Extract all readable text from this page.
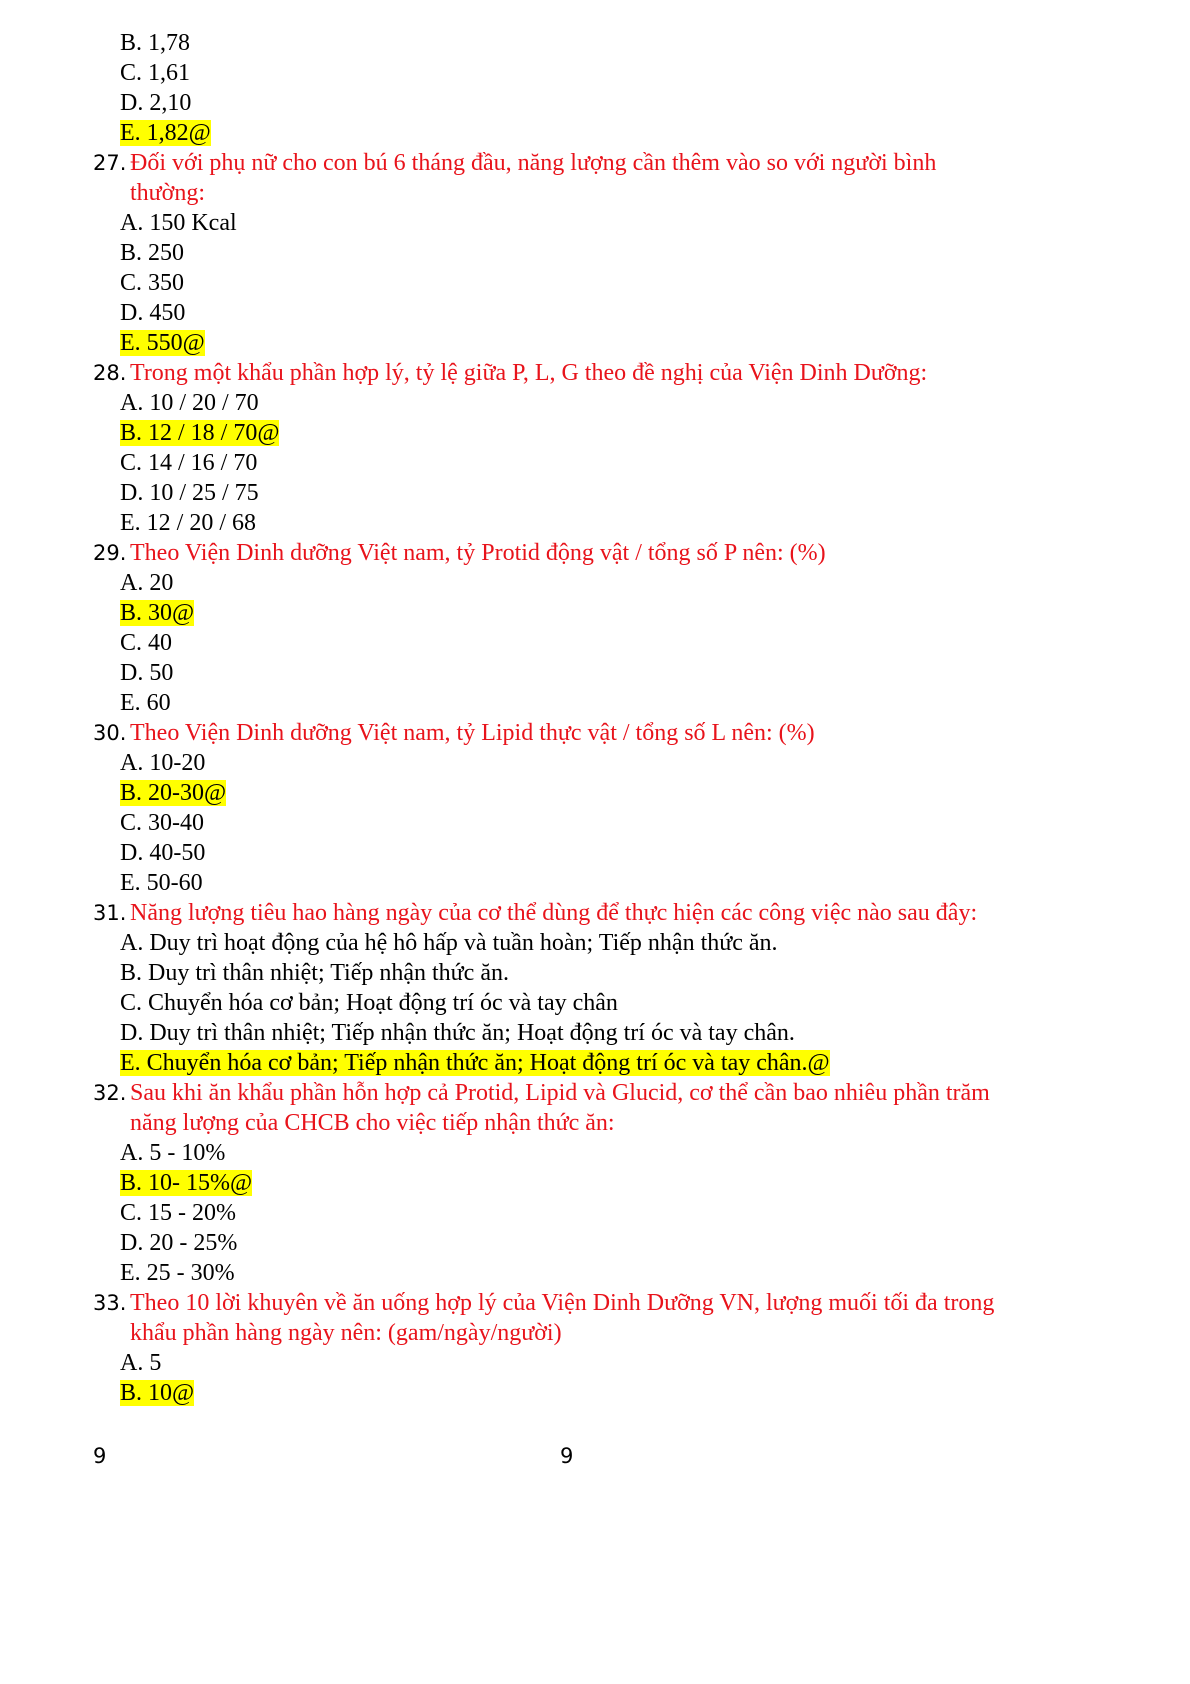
B. 1,78
C. 1,61
D. 2,10
E. 1,82@
27. Đối với phụ nữ cho con bú 6 tháng đầu, năng lượng cần thêm vào so với người bình thường:
A. 150 Kcal
B. 250
C. 350
D. 450
E. 550@
28. Trong một khẩu phần hợp lý, tỷ lệ giữa P, L, G theo đề nghị của Viện Dinh Dưỡng:
A. 10 / 20 / 70
B. 12 / 18 / 70@
C. 14 / 16 / 70
D. 10 / 25 / 75
E. 12 / 20 / 68
29. Theo Viện Dinh dưỡng Việt nam, tỷ Protid động vật / tổng số P nên: (%)
A. 20
B. 30@
C. 40
D. 50
E. 60
30. Theo Viện Dinh dưỡng Việt nam, tỷ Lipid thực vật / tổng số L nên: (%)
A. 10-20
B. 20-30@
C. 30-40
D. 40-50
E. 50-60
31. Năng lượng tiêu hao hàng ngày của cơ thể dùng để thực hiện các công việc nào sau đây:
A. Duy trì hoạt động của hệ hô hấp và tuần hoàn; Tiếp nhận thức ăn.
B. Duy trì thân nhiệt; Tiếp nhận thức ăn.
C. Chuyển hóa cơ bản; Hoạt động trí óc và tay chân
D. Duy trì thân nhiệt; Tiếp nhận thức ăn; Hoạt động trí óc và tay chân.
E. Chuyển hóa cơ bản; Tiếp nhận thức ăn; Hoạt động trí óc và tay chân.@
32. Sau khi ăn khẩu phần hỗn hợp cả Protid, Lipid và Glucid, cơ thể cần bao nhiêu phần trăm năng lượng của CHCB cho việc tiếp nhận thức ăn:
A. 5 - 10%
B. 10- 15%@
C. 15 - 20%
D. 20 - 25%
E. 25 - 30%
33. Theo 10 lời khuyên về ăn uống hợp lý của Viện Dinh Dưỡng VN, lượng muối tối đa trong khẩu phần hàng ngày nên: (gam/ngày/người)
A. 5
B. 10@
9	9
